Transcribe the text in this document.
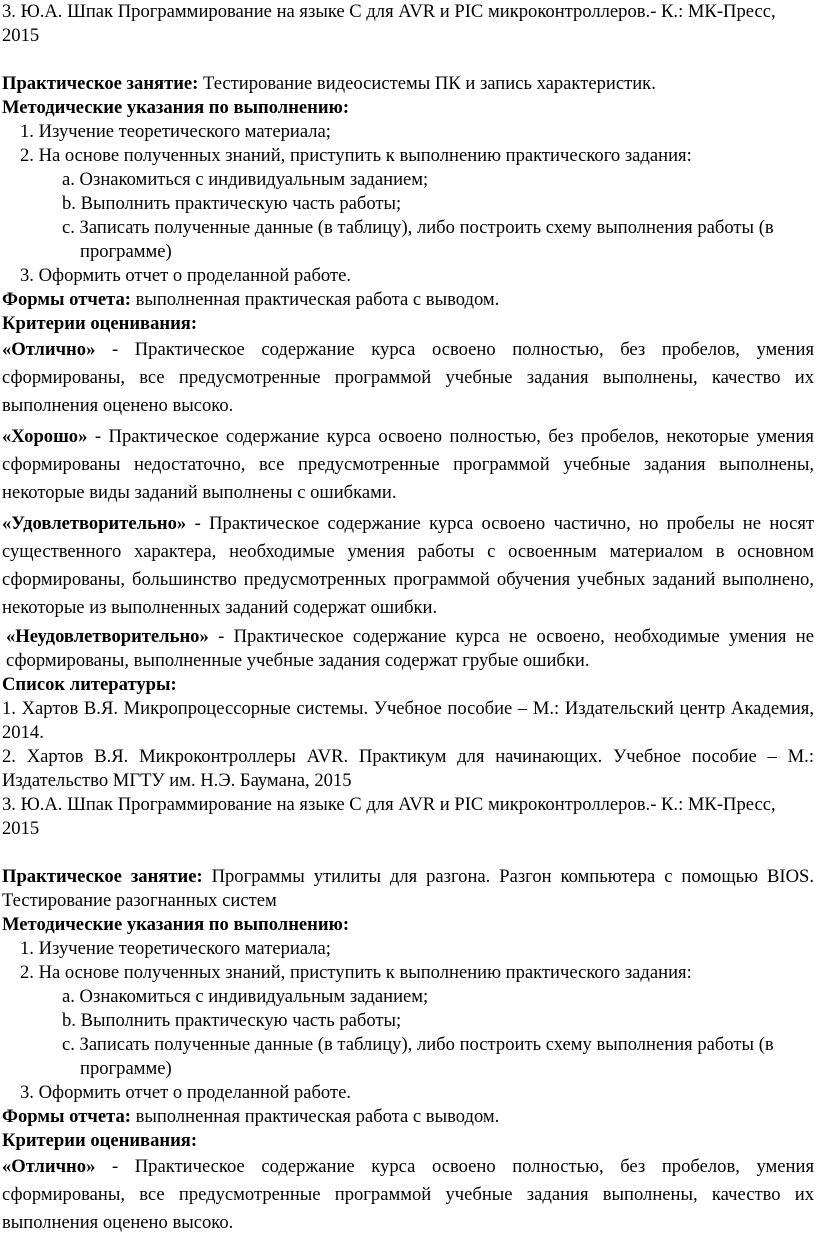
3. Ю.А. Шпак Программирование на языке С для AVR и PIC микроконтроллеров.- К.: МК-Пресс, 2015

Практическое занятие: Тестирование видеосистемы ПК и запись характеристик.

Методические указания по выполнению:

1. Изучение теоретического материала;

2. На основе полученных знаний, приступить к выполнению практического задания:

a. Ознакомиться с индивидуальным заданием;

b. Выполнить практическую часть работы;

c. Записать полученные данные (в таблицу), либо построить схему выполнения работы (в программе)

3. Оформить отчет о проделанной работе.

Формы отчета: выполненная практическая работа с выводом.

Критерии оценивания:

«Отлично» - Практическое содержание курса освоено полностью, без пробелов, умения сформированы, все предусмотренные программой учебные задания выполнены, качество их выполнения оценено высоко.

«Хорошо» - Практическое содержание курса освоено полностью, без пробелов, некоторые умения сформированы недостаточно, все предусмотренные программой учебные задания выполнены, некоторые виды заданий выполнены с ошибками.

«Удовлетворительно» - Практическое содержание курса освоено частично, но пробелы не носят существенного характера, необходимые умения работы с освоенным материалом в основном сформированы, большинство предусмотренных программой обучения учебных заданий выполнено, некоторые из выполненных заданий содержат ошибки.

«Неудовлетворительно» - Практическое содержание курса не освоено, необходимые умения не сформированы, выполненные учебные задания содержат грубые ошибки.

Список литературы:

1. Хартов В.Я. Микропроцессорные системы. Учебное пособие – М.: Издательский центр Академия, 2014.

2. Хартов В.Я. Микроконтроллеры AVR. Практикум для начинающих. Учебное пособие – М.: Издательство МГТУ им. Н.Э. Баумана, 2015

3. Ю.А. Шпак Программирование на языке С для AVR и PIC микроконтроллеров.- К.: МК-Пресс, 2015

Практическое занятие: Программы утилиты для разгона. Разгон компьютера с помощью BIOS. Тестирование разогнанных систем

Методические указания по выполнению:

1. Изучение теоретического материала;

2. На основе полученных знаний, приступить к выполнению практического задания:

a. Ознакомиться с индивидуальным заданием;

b. Выполнить практическую часть работы;

c. Записать полученные данные (в таблицу), либо построить схему выполнения работы (в программе)

3. Оформить отчет о проделанной работе.

Формы отчета: выполненная практическая работа с выводом.

Критерии оценивания:

«Отлично» - Практическое содержание курса освоено полностью, без пробелов, умения сформированы, все предусмотренные программой учебные задания выполнены, качество их выполнения оценено высоко.
